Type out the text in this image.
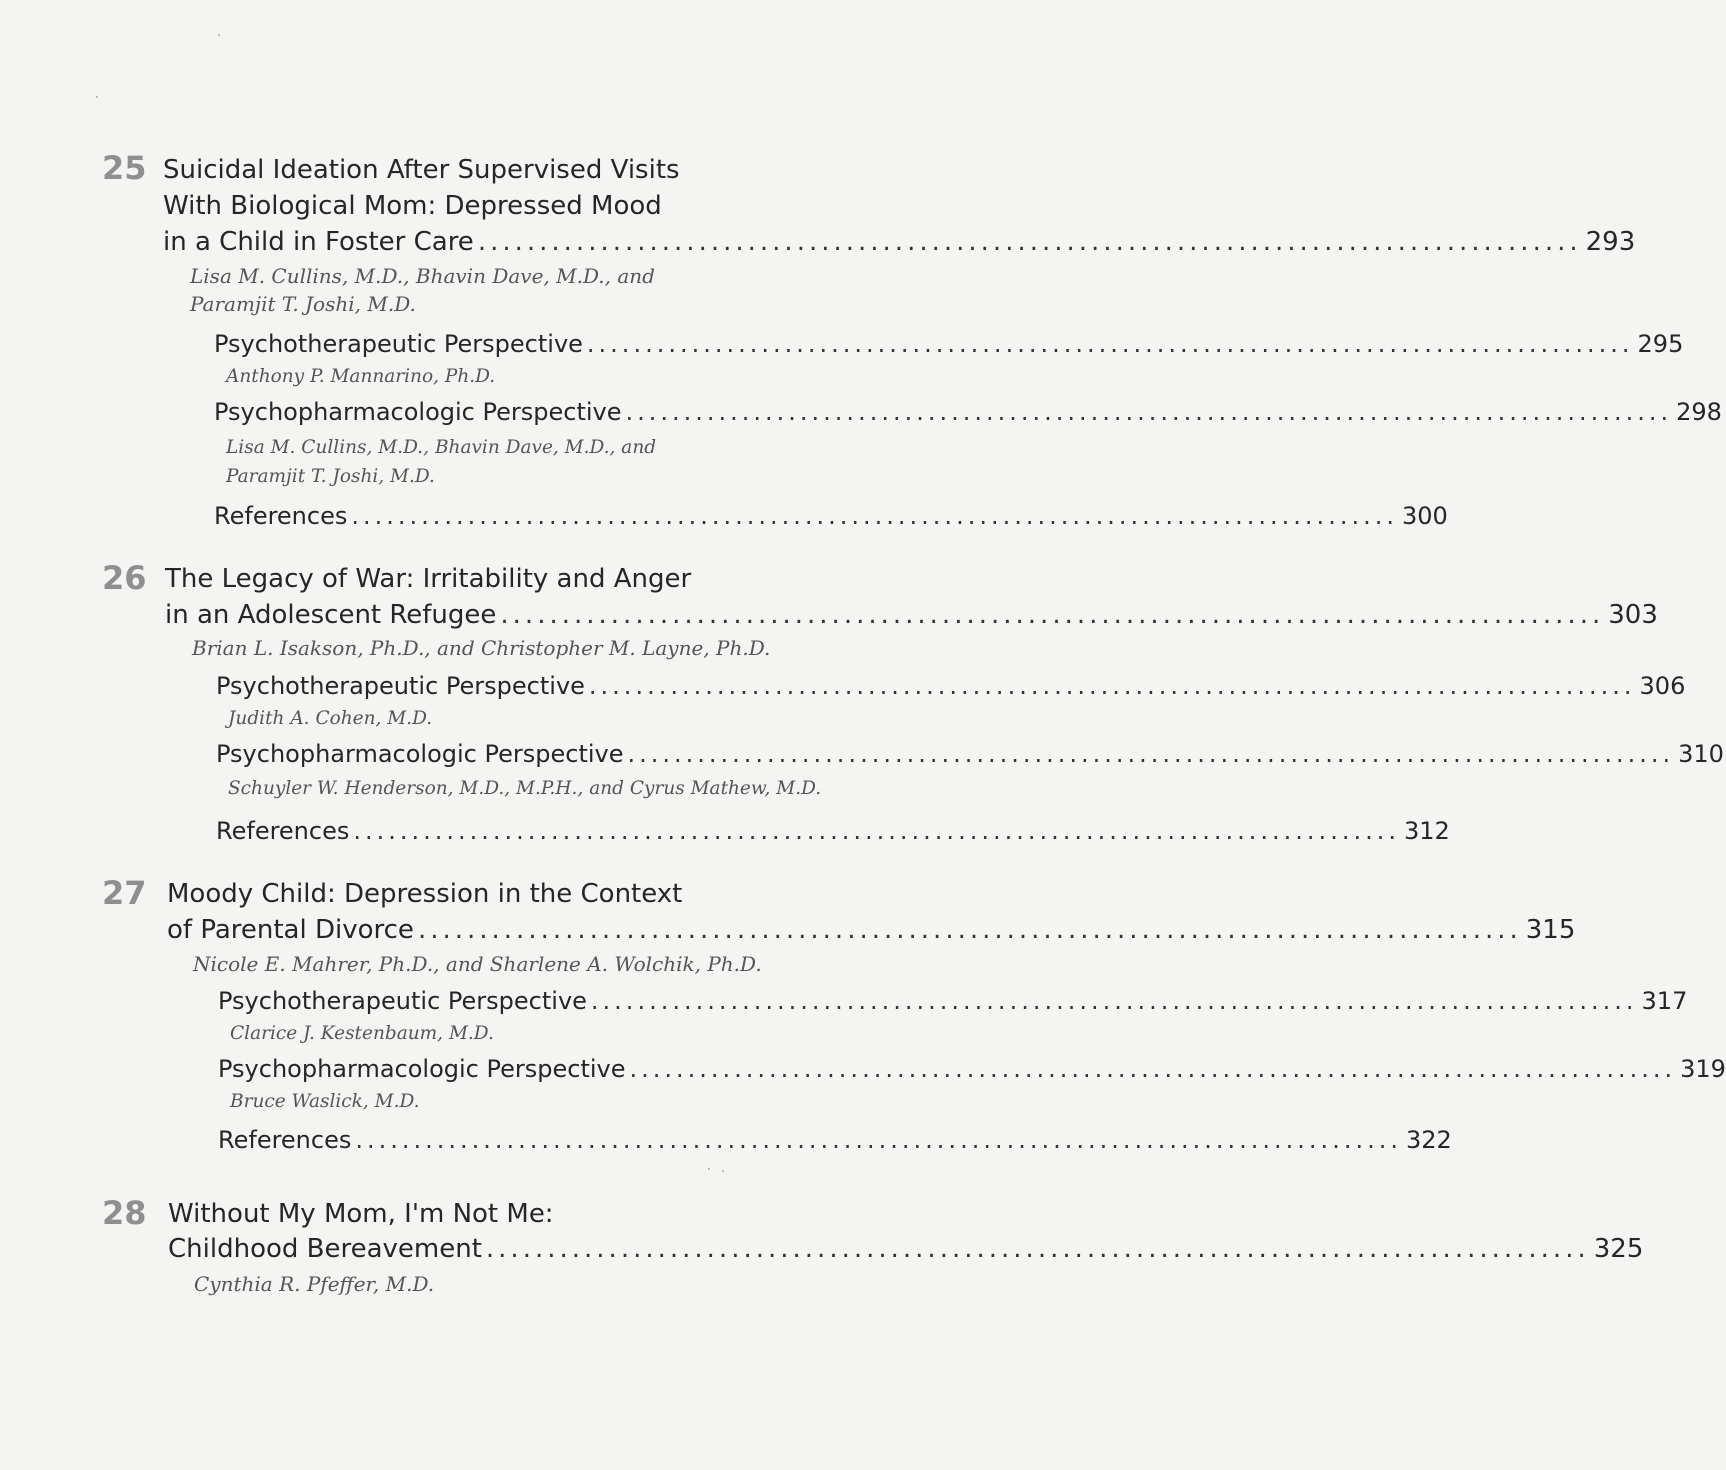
25 Suicidal Ideation After Supervised Visits
With Biological Mom: Depressed Mood
in a Child in Foster Care .......................................................................................... 293
Lisa M. Cullins, M.D., Bhavin Dave, M.D., and
Paramjit T. Joshi, M.D.
Psychotherapeutic Perspective .......................................................................................... 295
Anthony P. Mannarino, Ph.D.
Psychopharmacologic Perspective .......................................................................................... 298
Lisa M. Cullins, M.D., Bhavin Dave, M.D., and
Paramjit T. Joshi, M.D.
References .......................................................................................... 300
26 The Legacy of War: Irritability and Anger
in an Adolescent Refugee .......................................................................................... 303
Brian L. Isakson, Ph.D., and Christopher M. Layne, Ph.D.
Psychotherapeutic Perspective .......................................................................................... 306
Judith A. Cohen, M.D.
Psychopharmacologic Perspective .......................................................................................... 310
Schuyler W. Henderson, M.D., M.P.H., and Cyrus Mathew, M.D.
References .......................................................................................... 312
27 Moody Child: Depression in the Context
of Parental Divorce .......................................................................................... 315
Nicole E. Mahrer, Ph.D., and Sharlene A. Wolchik, Ph.D.
Psychotherapeutic Perspective .......................................................................................... 317
Clarice J. Kestenbaum, M.D.
Psychopharmacologic Perspective .......................................................................................... 319
Bruce Waslick, M.D.
References .......................................................................................... 322
28 Without My Mom, I'm Not Me:
Childhood Bereavement .......................................................................................... 325
Cynthia R. Pfeffer, M.D.
